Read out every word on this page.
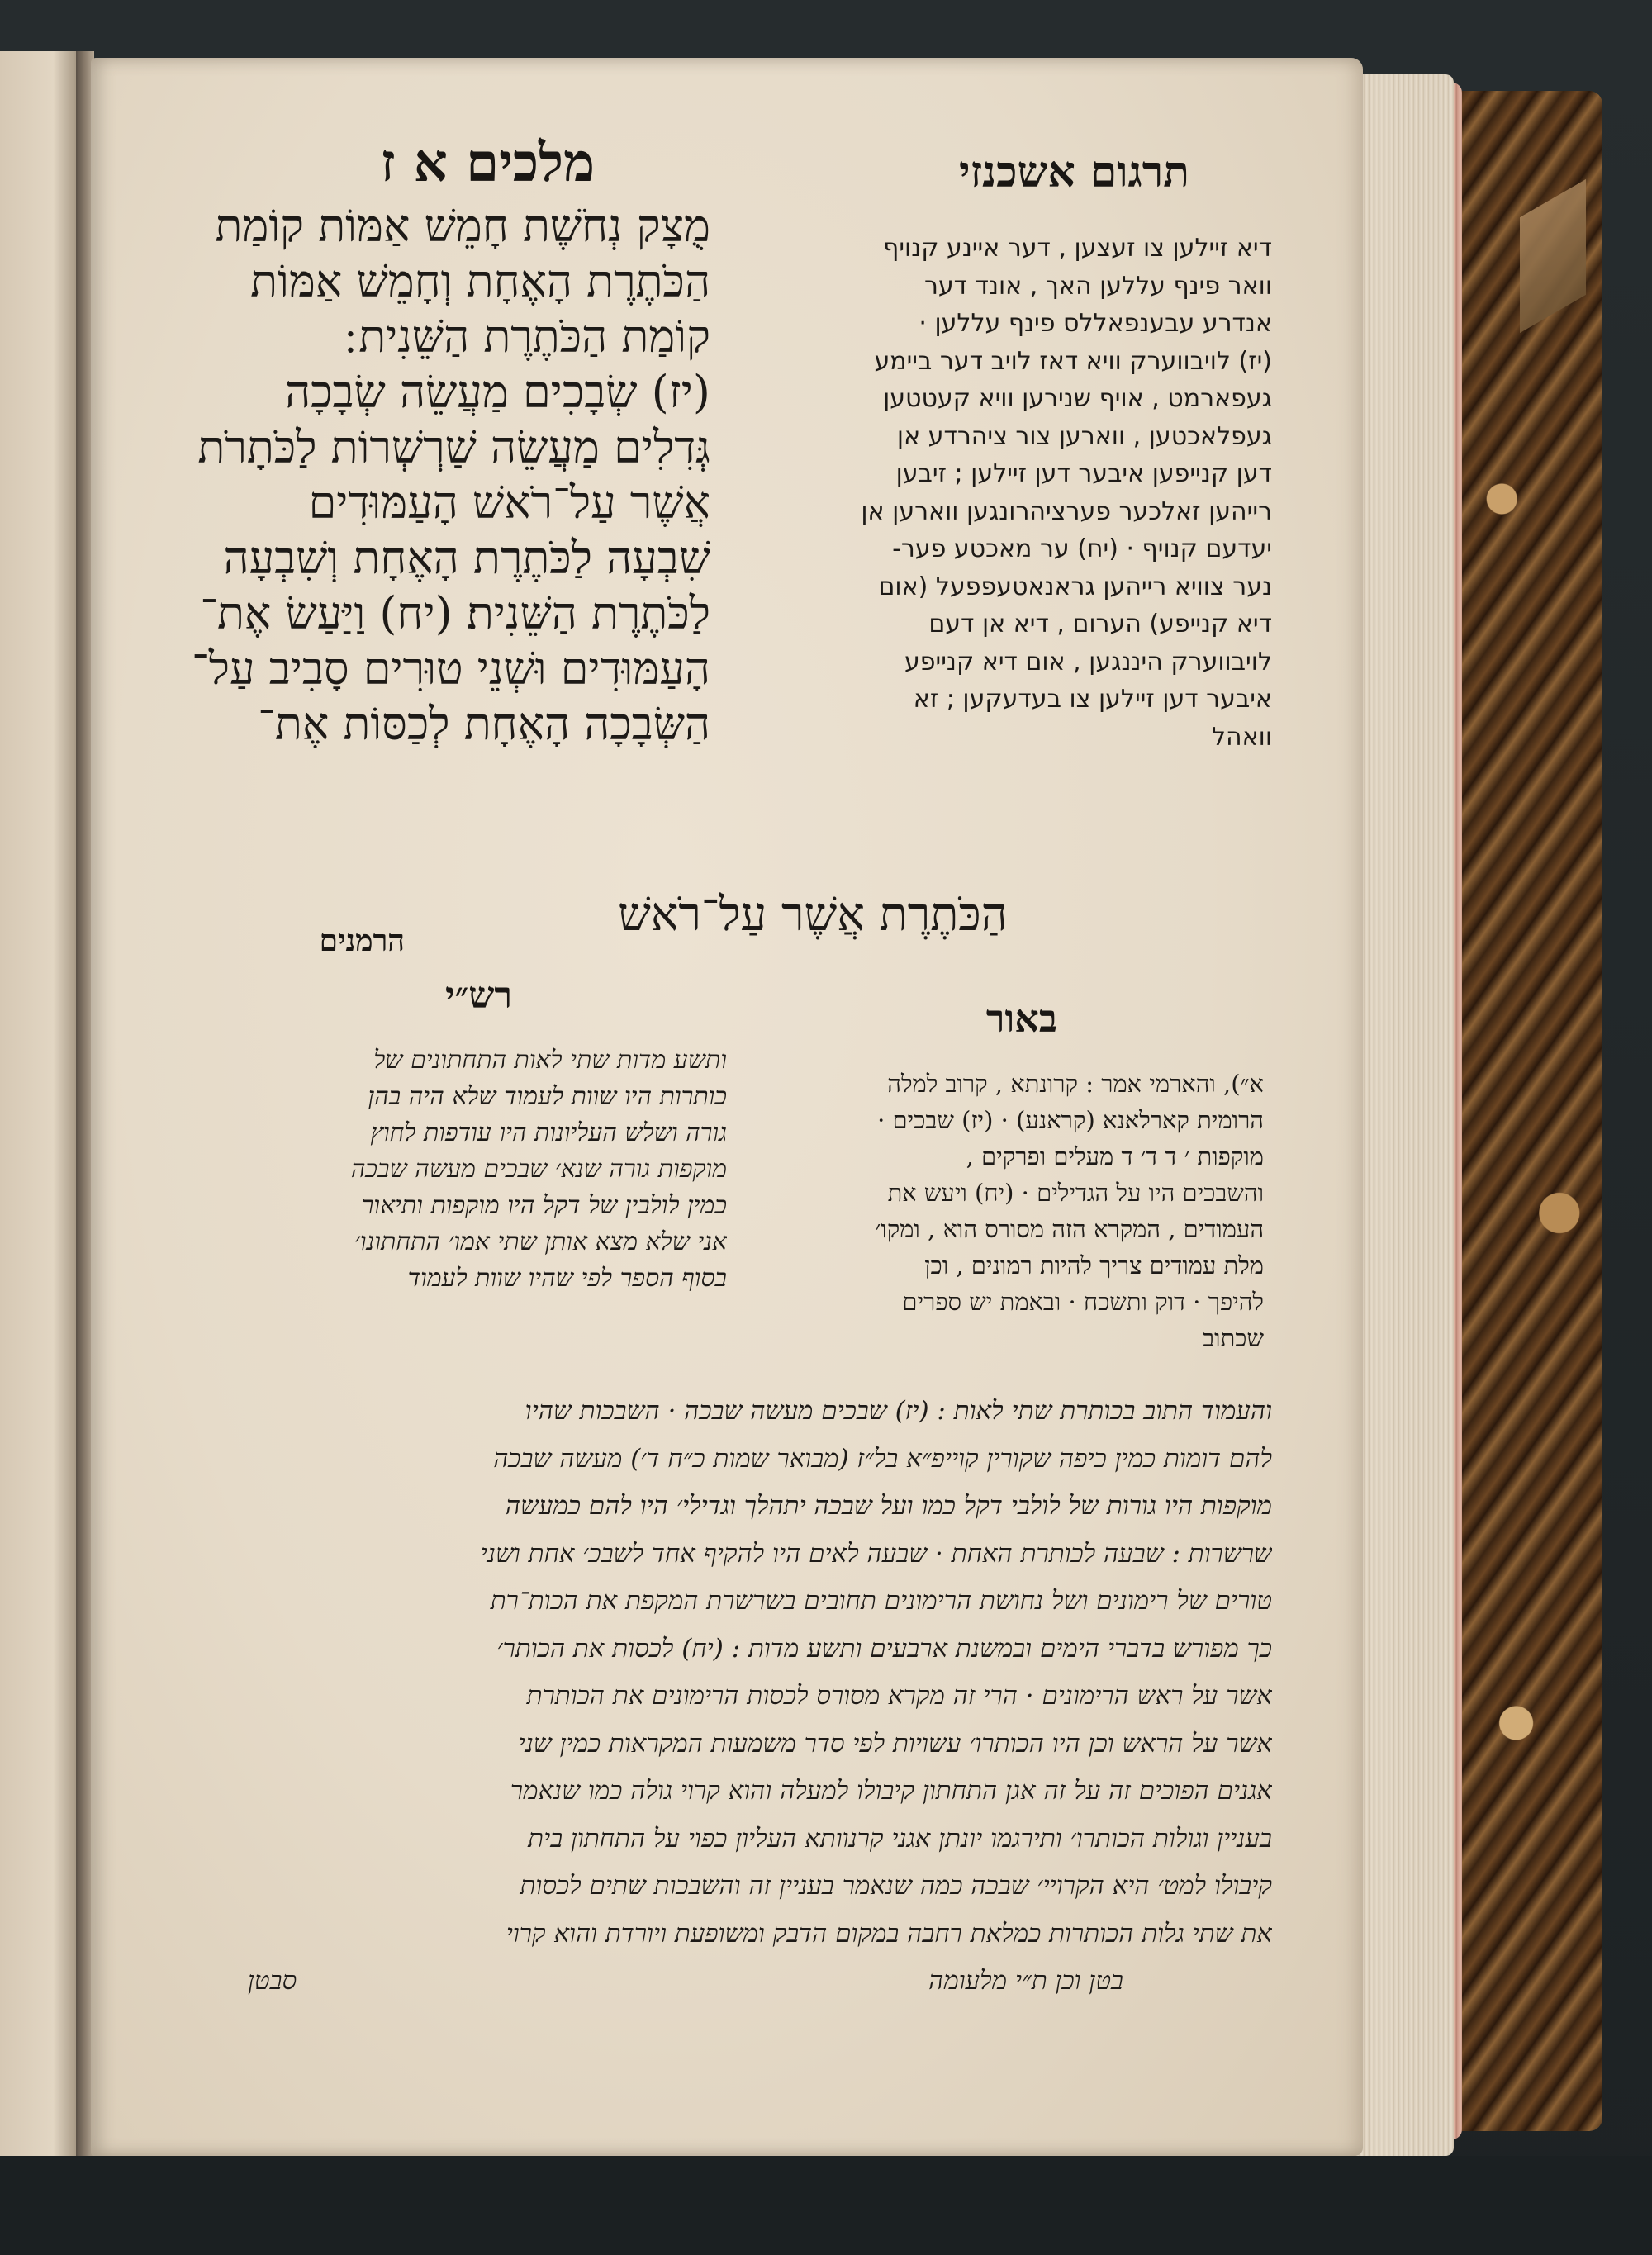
תרגום אשכנזי
מלכים א ז
דיא זיילען צו זעצען , דער איינע קנויף
וואר פינף עללען האך , אונד דער
אנדרע עבענפאללס פינף עללען ·
(יז) לויבווערק וויא דאז לויב דער ביימע
געפארמט , אויף שנירען וויא קעטטען
געפלאכטען , ווארען צור ציהרדע אן
דען קנייפען איבער דען זיילען ; זיבען
רייהען זאלכער פערציהרונגען ווארען אן
יעדעם קנויף · (יח) ער מאכטע פער-
נער צוויא רייהען גראנאטעפפעל (אום
דיא קנייפע) הערום , דיא אן דעם
לויבווערק היננגען , אום דיא קנייפע
איבער דען זיילען צו בעדעקען ; זא
וואהל
מֻצָק נְחֹשֶׁת חָמֵשׁ אַמּוֹת קוֹמַת
הַכֹּתֶרֶת הָאֶחָת וְחָמֵשׁ אַמּוֹת
קוֹמַת הַכֹּתֶרֶת הַשֵּׁנִית ׃
(יז) שְׂבָכִים מַעֲשֵׂה שְׂבָכָה
גְּדִלִים מַעֲשֵׂה שַׁרְשְׁרוֹת לַכֹּתָרֹת
אֲשֶׁר עַל־רֹאשׁ הָעַמּוּדִים
שִׁבְעָה לַכֹּתֶרֶת הָאֶחָת וְשִׁבְעָה
לַכֹּתֶרֶת הַשֵּׁנִית׃ (יח) וַיַּעַשׂ אֶת־
הָעַמּוּדִים וּשְׁנֵי טוּרִים סָבִיב עַל־
הַשְּׂבָכָה הָאֶחָת לְכַסּוֹת אֶת־
הַכֹּתֶרֶת אֲשֶׁר עַל־רֹאשׁ
הרמנים
רש״י
באור
א״), והארמי אמר : קרונתא , קרוב למלה
הרומית קארלאנא (קראנע) · (יז) שבכים ·
מוקפות ׳ ד ד׳ ד מעלים ופרקים ,
והשבכים היו על הגדילים · (יח) ויעש את
העמודים , המקרא הזה מסורס הוא , ומקו׳
מלת עמודים צריך להיות רמונים , וכן
להיפך · דוק ותשכח · ובאמת יש ספרים
שכתוב
ותשע מדות שתי לאות התחתונים של
כותרות היו שוות לעמוד שלא היה בהן
גורה ושלש העליונות היו עודפות לחוץ
מוקפות גורה שנא׳ שבכים מעשה שבכה
כמין לולבין של דקל היו מוקפות ותיאור
אני שלא מצא אותן שתי אמו׳ התחתונו׳
בסוף הספר לפי שהיו שוות לעמוד
והעמוד התוב בכותרת שתי לאות : (יז) שבכים מעשה שבכה · השבכות שהיו
להם דומות כמין כיפה שקורין קוייפ״א בל״ז (מבואר שמות כ״ח ד׳) מעשה שבכה
מוקפות היו גורות של לולבי דקל כמו ועל שבכה יתהלך וגדילי׳ היו להם כמעשה
שרשרות : שבעה לכותרת האחת · שבעה לאים היו להקיף אחד לשבכ׳ אחת ושני
טורים של רימונים ושל נחושת הרימונים תחובים בשרשרת המקפת את הכות־רת
כך מפורש בדברי הימים ובמשנת ארבעים ותשע מדות : (יח) לכסות את הכותר׳
אשר על ראש הרימונים · הרי זה מקרא מסורס לכסות הרימונים את הכותרת
אשר על הראש וכן היו הכותרו׳ עשויות לפי סדר משמעות המקראות כמין שני
אגנים הפוכים זה על זה אגן התחתון קיבולו למעלה והוא קרוי גולה כמו שנאמר
בעניין וגולות הכותרו׳ ותירגמו יונתן אגני קרנוותא העליון כפוי על התחתון בית
קיבולו למט׳ היא הקרויי׳ שבכה כמה שנאמר בעניין זה והשבכות שתים לכסות
את שתי גלות הכותרות כמלאת רחבה במקום הדבק ומשופעת ויורדת והוא קרוי
בטן וכן ת״י מלעומה
סבטן
